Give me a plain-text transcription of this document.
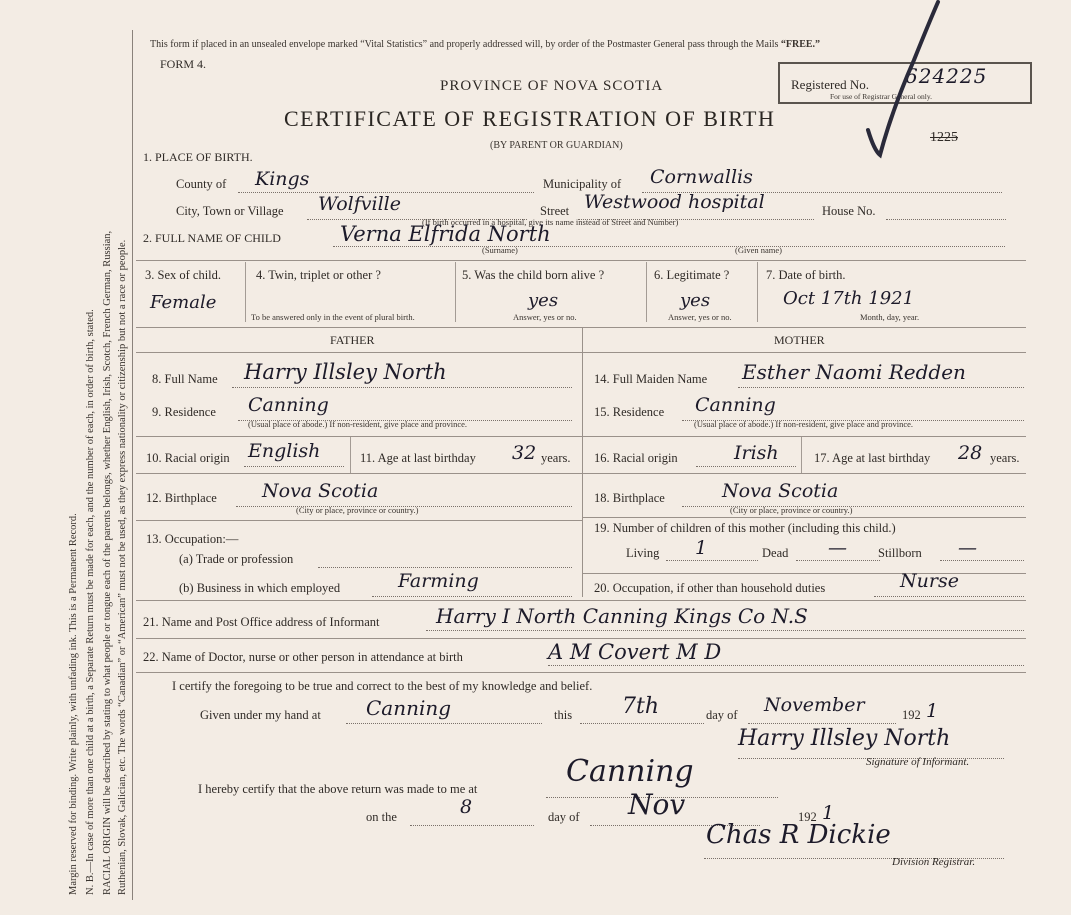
Margin reserved for binding. Write plainly, with unfading ink. This is a Permanent Record. N. B.—In case of more than one child at a birth, a Separate Return must be made for each, and the number of each, in order of birth, stated. RACIAL ORIGIN will be described by stating to what people or tongue each of the parents belongs, whether English, Irish, Scotch, French German, Russian, Ruthenian, Slovak, Galician, etc. The words “Canadian” or “American” must not be used, as they express nationality or citizenship but not a race or people.
This form if placed in an unsealed envelope marked “Vital Statistics” and properly addressed will, by order of the Postmaster General pass through the Mails “FREE.”
FORM 4.
PROVINCE OF NOVA SCOTIA
CERTIFICATE OF REGISTRATION OF BIRTH
(BY PARENT OR GUARDIAN)
Registered No. 624225
For use of Registrar General only.
1225
1. PLACE OF BIRTH.
County of Kings	Municipality of Cornwallis
City, Town or Village Wolfville	Street Westwood hospital	House No.
(If birth occurred in a hospital, give its name instead of Street and Number)
2. FULL NAME OF CHILD	Verna Elfrida North
(Surname)	(Given name)
3. Sex of child.
Female
4. Twin, triplet or other ?
To be answered only in the event of plural birth.
5. Was the child born alive ?
yes
Answer, yes or no.
6. Legitimate ?
yes
Answer, yes or no.
7. Date of birth.
Oct 17th 1921
Month, day, year.
FATHER	MOTHER
8. Full Name Harry Illsley North
9. Residence Canning
(Usual place of abode.) If non-resident, give place and province.
10. Racial origin English	11. Age at last birthday 32 years.
12. Birthplace Nova Scotia
(City or place, province or country.)
13. Occupation:—
(a) Trade or profession
(b) Business in which employed	Farming
14. Full Maiden Name Esther Naomi Redden
15. Residence Canning
(Usual place of abode.) If non-resident, give place and province.
16. Racial origin	Irish	17. Age at last birthday 28 years.
18. Birthplace	Nova Scotia
(City or place, province or country.)
19. Number of children of this mother (including this child.)
Living 1	Dead — Stillborn —
20. Occupation, if other than household duties	Nurse
21. Name and Post Office address of Informant	Harry I North Canning Kings Co N.S
22. Name of Doctor, nurse or other person in attendance at birth	A M Covert M D
I certify the foregoing to be true and correct to the best of my knowledge and belief.
Given under my hand at Canning	this 7th	day of November	192 1
Harry Illsley North
Signature of Informant.
I hereby certify that the above return was made to me at	Canning
on the	8	day of Nov	192 1
Chas R Dickie
Division Registrar.
